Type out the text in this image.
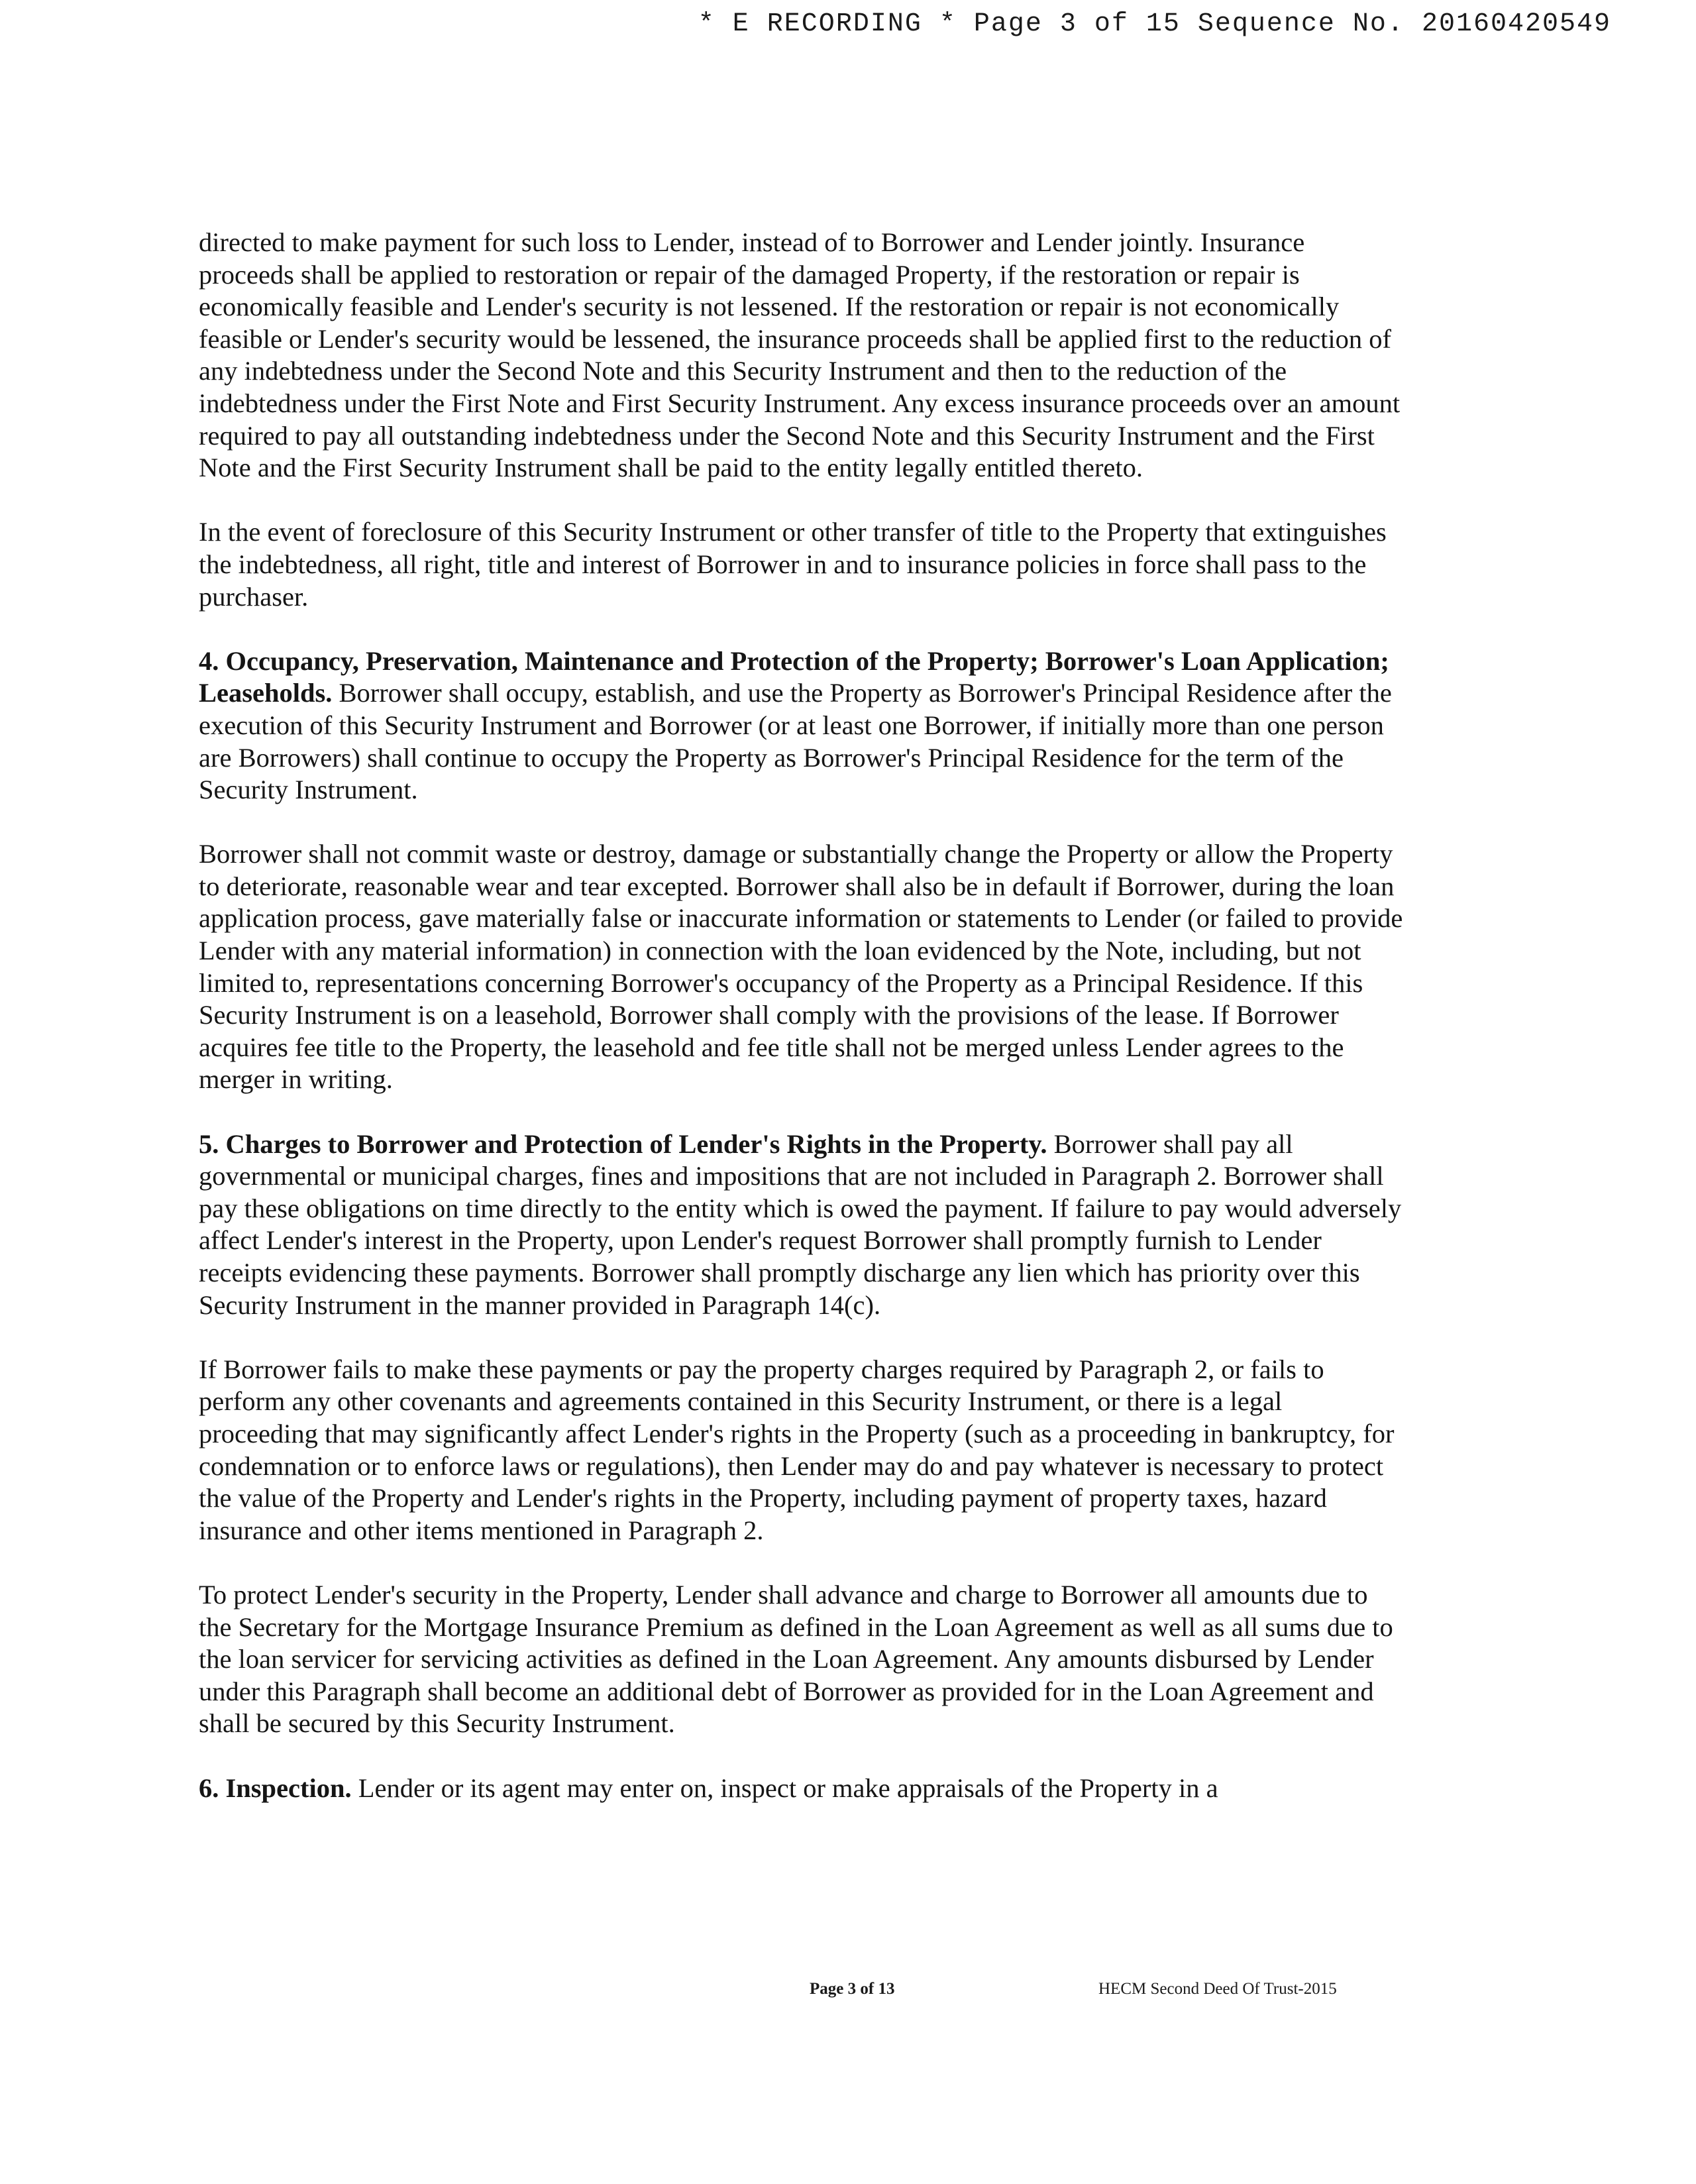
* E RECORDING * Page 3 of 15 Sequence No. 20160420549

directed to make payment for such loss to Lender, instead of to Borrower and Lender jointly. Insurance proceeds shall be applied to restoration or repair of the damaged Property, if the restoration or repair is economically feasible and Lender's security is not lessened. If the restoration or repair is not economically feasible or Lender's security would be lessened, the insurance proceeds shall be applied first to the reduction of any indebtedness under the Second Note and this Security Instrument and then to the reduction of the indebtedness under the First Note and First Security Instrument. Any excess insurance proceeds over an amount required to pay all outstanding indebtedness under the Second Note and this Security Instrument and the First Note and the First Security Instrument shall be paid to the entity legally entitled thereto.

In the event of foreclosure of this Security Instrument or other transfer of title to the Property that extinguishes the indebtedness, all right, title and interest of Borrower in and to insurance policies in force shall pass to the purchaser.

4. Occupancy, Preservation, Maintenance and Protection of the Property; Borrower's Loan Application; Leaseholds. Borrower shall occupy, establish, and use the Property as Borrower's Principal Residence after the execution of this Security Instrument and Borrower (or at least one Borrower, if initially more than one person are Borrowers) shall continue to occupy the Property as Borrower's Principal Residence for the term of the Security Instrument.

Borrower shall not commit waste or destroy, damage or substantially change the Property or allow the Property to deteriorate, reasonable wear and tear excepted. Borrower shall also be in default if Borrower, during the loan application process, gave materially false or inaccurate information or statements to Lender (or failed to provide Lender with any material information) in connection with the loan evidenced by the Note, including, but not limited to, representations concerning Borrower's occupancy of the Property as a Principal Residence. If this Security Instrument is on a leasehold, Borrower shall comply with the provisions of the lease. If Borrower acquires fee title to the Property, the leasehold and fee title shall not be merged unless Lender agrees to the merger in writing.

5. Charges to Borrower and Protection of Lender's Rights in the Property. Borrower shall pay all governmental or municipal charges, fines and impositions that are not included in Paragraph 2. Borrower shall pay these obligations on time directly to the entity which is owed the payment. If failure to pay would adversely affect Lender's interest in the Property, upon Lender's request Borrower shall promptly furnish to Lender receipts evidencing these payments. Borrower shall promptly discharge any lien which has priority over this Security Instrument in the manner provided in Paragraph 14(c).

If Borrower fails to make these payments or pay the property charges required by Paragraph 2, or fails to perform any other covenants and agreements contained in this Security Instrument, or there is a legal proceeding that may significantly affect Lender's rights in the Property (such as a proceeding in bankruptcy, for condemnation or to enforce laws or regulations), then Lender may do and pay whatever is necessary to protect the value of the Property and Lender's rights in the Property, including payment of property taxes, hazard insurance and other items mentioned in Paragraph 2.

To protect Lender's security in the Property, Lender shall advance and charge to Borrower all amounts due to the Secretary for the Mortgage Insurance Premium as defined in the Loan Agreement as well as all sums due to the loan servicer for servicing activities as defined in the Loan Agreement. Any amounts disbursed by Lender under this Paragraph shall become an additional debt of Borrower as provided for in the Loan Agreement and shall be secured by this Security Instrument.

6. Inspection. Lender or its agent may enter on, inspect or make appraisals of the Property in a

Page 3 of 13	HECM Second Deed Of Trust-2015
